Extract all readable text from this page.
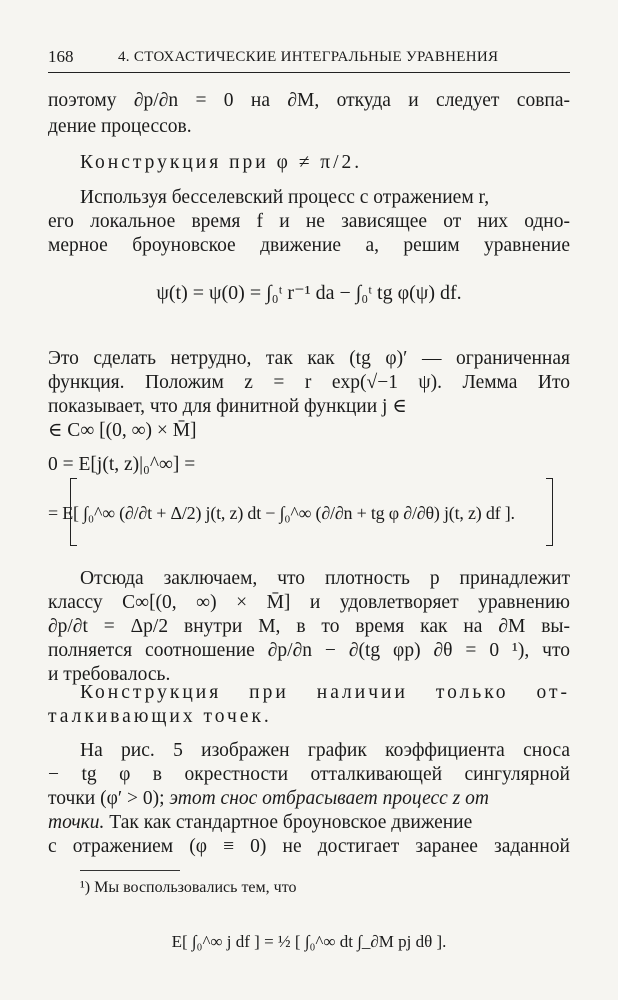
168	4. СТОХАСТИЧЕСКИЕ ИНТЕГРАЛЬНЫЕ УРАВНЕНИЯ
поэтому ∂p/∂n = 0 на ∂M, откуда и следует совпа-
дение процессов.
Конструкция при φ ≠ π/2.
Используя бесселевский процесс с отражением r,
его локальное время f и не зависящее от них одно-
мерное броуновское движение a, решим уравнение
ψ(t) = ψ(0) = ∫₀ᵗ r⁻¹ da − ∫₀ᵗ tg φ(ψ) df.
Это сделать нетрудно, так как (tg φ)′ — ограниченная
функция. Положим z = r exp(√−1 ψ). Лемма Ито
показывает, что для финитной функции j ∈
∈ C∞ [(0, ∞) × M̄]
0 = E[j(t, z)|₀^∞] =
= E[ ∫₀^∞ (∂/∂t + Δ/2) j(t, z) dt − ∫₀^∞ (∂/∂n + tg φ ∂/∂θ) j(t, z) df ].
Отсюда заключаем, что плотность p принадлежит
классу C∞[(0, ∞) × M̄] и удовлетворяет уравнению
∂p/∂t = Δp/2 внутри M, в то время как на ∂M вы-
полняется соотношение ∂p/∂n − ∂(tg φp) ∂θ = 0 ¹), что
и требовалось.
Конструкция при наличии только от-
талкивающих точек.
На рис. 5 изображен график коэффициента сноса
− tg φ в окрестности отталкивающей сингулярной
точки (φ′ > 0); этот снос отбрасывает процесс z от
точки. Так как стандартное броуновское движение
с отражением (φ ≡ 0) не достигает заранее заданной
¹) Мы воспользовались тем, что
E[ ∫₀^∞ j df ] = ½ [ ∫₀^∞ dt ∫_∂M pj dθ ].
